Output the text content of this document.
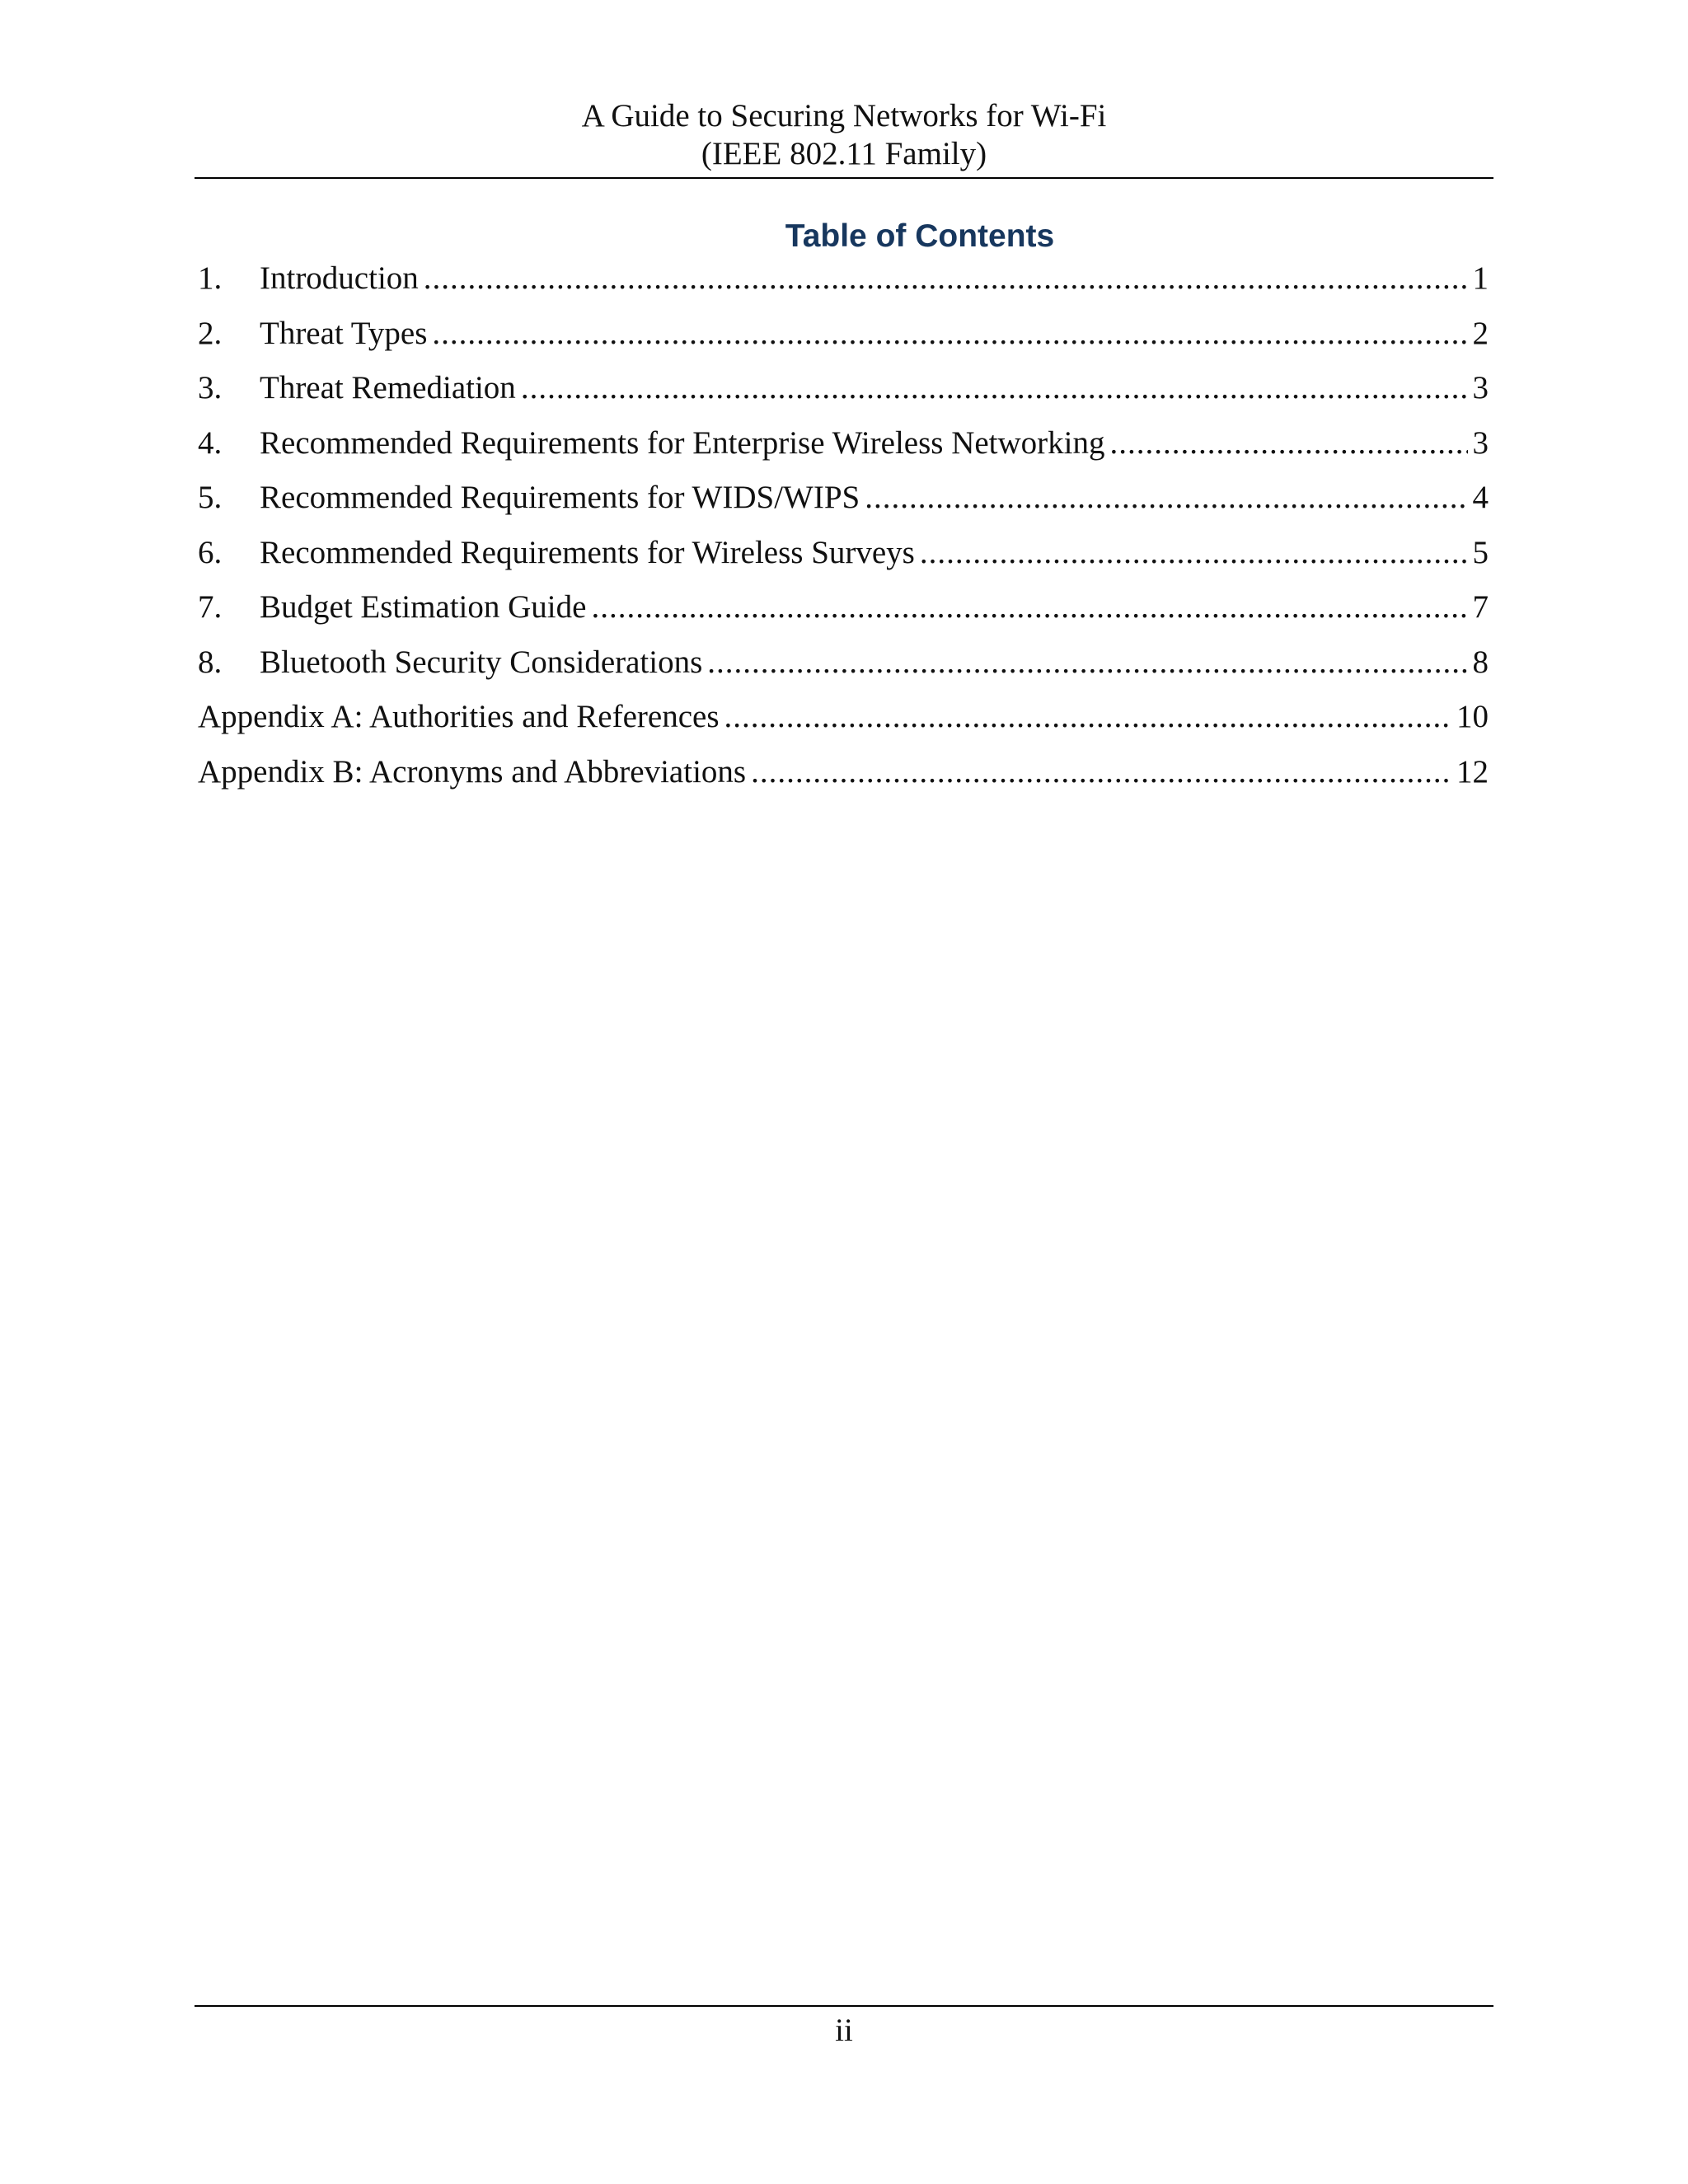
A Guide to Securing Networks for Wi-Fi
(IEEE 802.11 Family)
Table of Contents
1.	Introduction .....	1
2.	Threat Types .....	2
3.	Threat Remediation .....	3
4.	Recommended Requirements for Enterprise Wireless Networking .....	3
5.	Recommended Requirements for WIDS/WIPS .....	4
6.	Recommended Requirements for Wireless Surveys .....	5
7.	Budget Estimation Guide .....	7
8.	Bluetooth Security Considerations .....	8
Appendix A: Authorities and References .....	10
Appendix B: Acronyms and Abbreviations .....	12
ii
